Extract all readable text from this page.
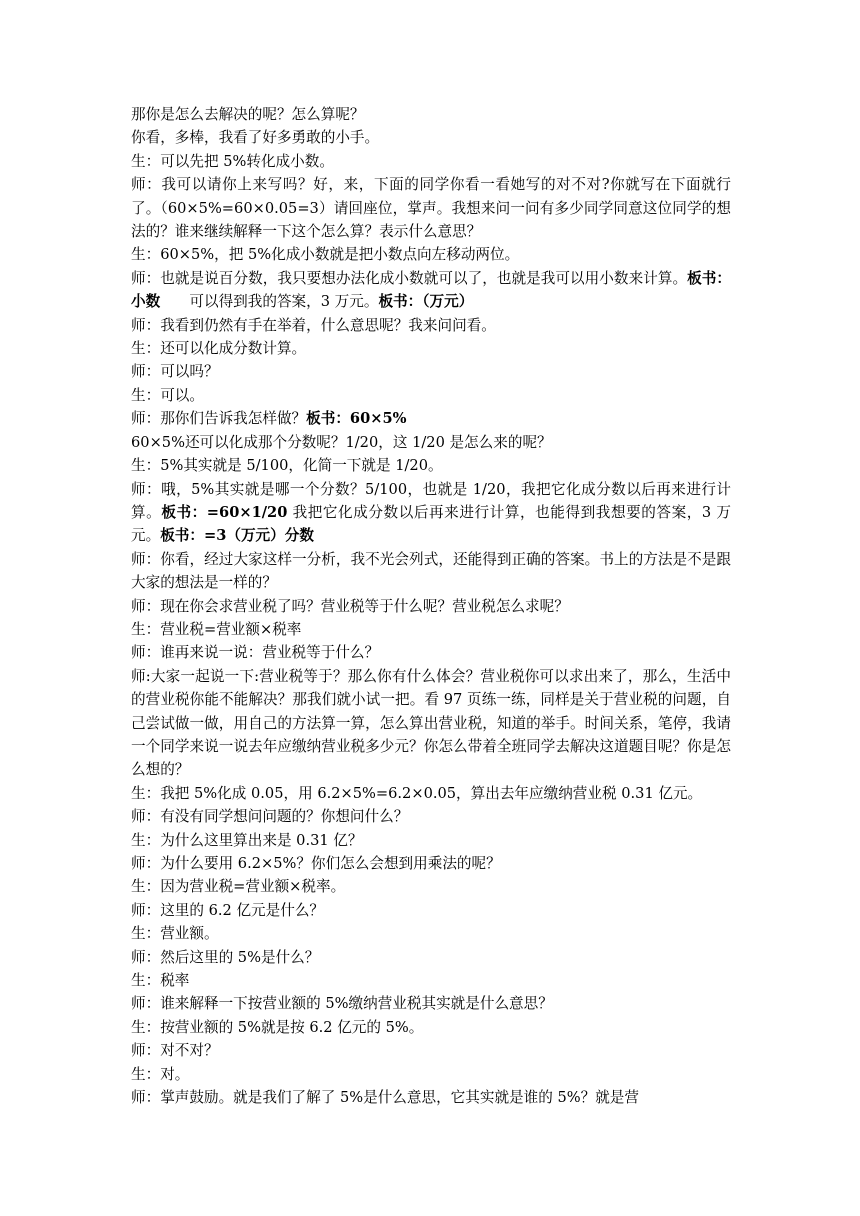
那你是怎么去解决的呢？怎么算呢？

你看，多棒，我看了好多勇敢的小手。

生：可以先把 5%转化成小数。

师：我可以请你上来写吗？好，来，下面的同学你看一看她写的对不对?你就写在下面就行了。（60×5%=60×0.05=3）请回座位，掌声。我想来问一问有多少同学同意这位同学的想法的？谁来继续解释一下这个怎么算？表示什么意思？

生：60×5%，把 5%化成小数就是把小数点向左移动两位。

师：也就是说百分数，我只要想办法化成小数就可以了，也就是我可以用小数来计算。板书：小数　　可以得到我的答案，3 万元。板书：（万元）

师：我看到仍然有手在举着，什么意思呢？我来问问看。

生：还可以化成分数计算。

师：可以吗？

生：可以。

师：那你们告诉我怎样做？板书：60×5%

60×5%还可以化成那个分数呢？1/20，这 1/20 是怎么来的呢？

生：5%其实就是 5/100，化简一下就是 1/20。

师：哦，5%其实就是哪一个分数？5/100，也就是 1/20，我把它化成分数以后再来进行计算。板书：=60×1/20 我把它化成分数以后再来进行计算，也能得到我想要的答案，3 万元。板书：=3（万元）分数

师：你看，经过大家这样一分析，我不光会列式，还能得到正确的答案。书上的方法是不是跟大家的想法是一样的？

师：现在你会求营业税了吗？营业税等于什么呢？营业税怎么求呢？

生：营业税=营业额×税率

师：谁再来说一说：营业税等于什么？

师:大家一起说一下:营业税等于？那么你有什么体会？营业税你可以求出来了，那么，生活中的营业税你能不能解决？那我们就小试一把。看 97 页练一练，同样是关于营业税的问题，自己尝试做一做，用自己的方法算一算，怎么算出营业税，知道的举手。时间关系，笔停，我请一个同学来说一说去年应缴纳营业税多少元？你怎么带着全班同学去解决这道题目呢？你是怎么想的？

生：我把 5%化成 0.05，用 6.2×5%=6.2×0.05，算出去年应缴纳营业税 0.31 亿元。

师：有没有同学想问问题的？你想问什么？

生：为什么这里算出来是 0.31 亿？

师：为什么要用 6.2×5%？你们怎么会想到用乘法的呢？

生：因为营业税=营业额×税率。

师：这里的 6.2 亿元是什么？

生：营业额。

师：然后这里的 5%是什么？

生：税率

师：谁来解释一下按营业额的 5%缴纳营业税其实就是什么意思？

生：按营业额的 5%就是按 6.2 亿元的 5%。

师：对不对？

生：对。

师：掌声鼓励。就是我们了解了 5%是什么意思，它其实就是谁的 5%？就是营
